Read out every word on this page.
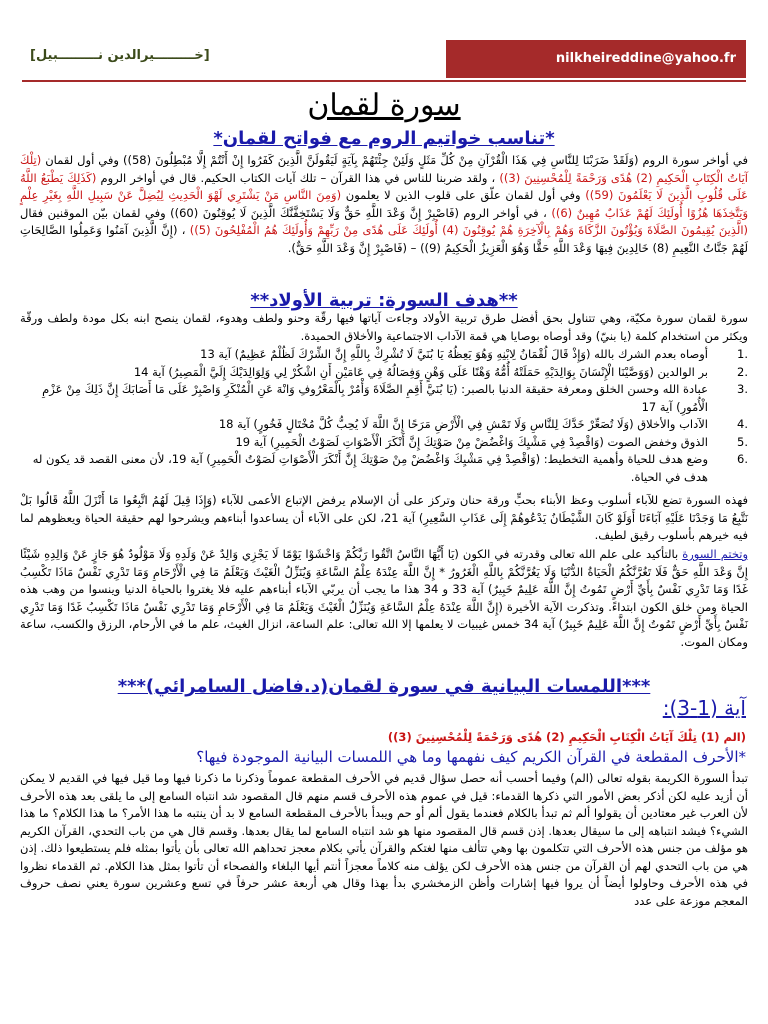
[خـــــــــيرالدين نـــــــــبيل]	nilkheireddine@yahoo.fr
سورة لقمان
*تناسب خواتيم الروم مع فواتح لقمان*
في أواخر سورة الروم (وَلَقَدْ ضَرَبْنَا لِلنَّاسِ فِي هَذَا الْقُرْآنِ مِنْ كُلِّ مَثَلٍ وَلَئِنْ جِئْتَهُمْ بِآيَةٍ لَيَقُولَنَّ الَّذِينَ كَفَرُوا إِنْ أَنْتُمْ إِلَّا مُبْطِلُونَ (58)) وفي أول لقمان (تِلْكَ آيَاتُ الْكِتَابِ الْحَكِيمِ (2) هُدًى وَرَحْمَةً لِلْمُحْسِنِينَ (3)) ، ولقد ضربنا للناس في هذا القرآن – تلك آيات الكتاب الحكيم. قال في أواخر الروم (كَذَلِكَ يَطْبَعُ اللَّهُ عَلَى قُلُوبِ الَّذِينَ لَا يَعْلَمُونَ (59)) وفي أول لقمان علّق على قلوب الذين لا يعلمون (وَمِنَ النَّاسِ مَنْ يَشْتَرِي لَهْوَ الْحَدِيثِ لِيُضِلَّ عَنْ سَبِيلِ اللَّهِ بِغَيْرِ عِلْمٍ وَيَتَّخِذَهَا هُزُوًا أُولَئِكَ لَهُمْ عَذَابٌ مُهِينٌ (6)) ، في أواخر الروم (فَاصْبِرْ إِنَّ وَعْدَ اللَّهِ حَقٌّ وَلَا يَسْتَخِفَّنَّكَ الَّذِينَ لَا يُوقِنُونَ (60)) وفي لقمان بيّن الموقنين فقال (الَّذِينَ يُقِيمُونَ الصَّلَاةَ وَيُؤْتُونَ الزَّكَاةَ وَهُمْ بِالْآخِرَةِ هُمْ يُوقِنُونَ (4) أُولَئِكَ عَلَى هُدًى مِنْ رَبِّهِمْ وَأُولَئِكَ هُمُ الْمُفْلِحُونَ (5)) ، (إِنَّ الَّذِينَ آمَنُوا وَعَمِلُوا الصَّالِحَاتِ لَهُمْ جَنَّاتُ النَّعِيمِ (8) خَالِدِينَ فِيهَا وَعْدَ اللَّهِ حَقًّا وَهُوَ الْعَزِيزُ الْحَكِيمُ (9)) – (فَاصْبِرْ إِنَّ وَعْدَ اللَّهِ حَقٌّ).
**هدف السورة: تربية الأولاد**
سورة لقمان سورة مكيّة، وهي تتناول بحق أفضل طرق تربية الأولاد وجاءت آياتها فيها رقّة وحنو ولطف وهدوء، لقمان ينصح ابنه بكل مودة ولطف ورقّة ويكثر من استخدام كلمة (يا بنيّ) وقد أوصاه بوصايا هي قمة الآداب الاجتماعية والأخلاق الحميدة.
.1
أوصاه بعدم الشرك بالله (وَإِذْ قَالَ لُقْمَانُ لِابْنِهِ وَهُوَ يَعِظُهُ يَا بُنَيَّ لَا تُشْرِكْ بِاللَّهِ إِنَّ الشِّرْكَ لَظُلْمٌ عَظِيمٌ) آية 13
.2
بر الوالدين (وَوَصَّيْنَا الْإِنْسَانَ بِوَالِدَيْهِ حَمَلَتْهُ أُمُّهُ وَهْنًا عَلَى وَهْنٍ وَفِصَالُهُ فِي عَامَيْنِ أَنِ اشْكُرْ لِي وَلِوَالِدَيْكَ إِلَيَّ الْمَصِيرُ) آية 14
.3
عبادة الله وحسن الخلق ومعرفة حقيقة الدنيا بالصبر: (يَا بُنَيَّ أَقِمِ الصَّلَاةَ وَأْمُرْ بِالْمَعْرُوفِ وَانْهَ عَنِ الْمُنْكَرِ وَاصْبِرْ عَلَى مَا أَصَابَكَ إِنَّ ذَلِكَ مِنْ عَزْمِ الْأُمُورِ) آية 17
.4
الآداب والأخلاق (وَلَا تُصَعِّرْ خَدَّكَ لِلنَّاسِ وَلَا تَمْشِ فِي الْأَرْضِ مَرَحًا إِنَّ اللَّهَ لَا يُحِبُّ كُلَّ مُخْتَالٍ فَخُورٍ) آية 18
.5
الذوق وخفض الصوت (وَاقْصِدْ فِي مَشْيِكَ وَاغْضُضْ مِنْ صَوْتِكَ إِنَّ أَنْكَرَ الْأَصْوَاتِ لَصَوْتُ الْحَمِيرِ) آية 19
.6
وضع هدف للحياة وأهمية التخطيط: (وَاقْصِدْ فِي مَشْيِكَ وَاغْضُضْ مِنْ صَوْتِكَ إِنَّ أَنْكَرَ الْأَصْوَاتِ لَصَوْتُ الْحَمِيرِ) آية 19، لأن معنى القصد قد يكون له هدف في الحياة.
فهذه السورة تضع للآباء أسلوب وعظ الأبناء بحبٍّ ورقة حنان وتركز على أن الإسلام يرفض الإتباع الأعمى للآباء (وَإِذَا قِيلَ لَهُمُ اتَّبِعُوا مَا أَنْزَلَ اللَّهُ قَالُوا بَلْ نَتَّبِعُ مَا وَجَدْنَا عَلَيْهِ آبَاءَنَا أَوَلَوْ كَانَ الشَّيْطَانُ يَدْعُوهُمْ إِلَى عَذَابِ السَّعِيرِ) آية 21، لكن على الآباء أن يساعدوا أبناءهم ويشرحوا لهم حقيقة الحياة ويعظوهم لما فيه خيرهم بأسلوب رقيق لطيف.
وتختم السورة بالتأكيد على علم الله تعالى وقدرته في الكون (يَا أَيُّهَا النَّاسُ اتَّقُوا رَبَّكُمْ وَاخْشَوْا يَوْمًا لَا يَجْزِي وَالِدٌ عَنْ وَلَدِهِ وَلَا مَوْلُودٌ هُوَ جَازٍ عَنْ وَالِدِهِ شَيْئًا إِنَّ وَعْدَ اللَّهِ حَقٌّ فَلَا تَغُرَّنَّكُمُ الْحَيَاةُ الدُّنْيَا وَلَا يَغُرَّنَّكُمْ بِاللَّهِ الْغَرُورُ * إِنَّ اللَّهَ عِنْدَهُ عِلْمُ السَّاعَةِ وَيُنَزِّلُ الْغَيْثَ وَيَعْلَمُ مَا فِي الْأَرْحَامِ وَمَا تَدْرِي نَفْسٌ مَاذَا تَكْسِبُ غَدًا وَمَا تَدْرِي نَفْسٌ بِأَيِّ أَرْضٍ تَمُوتُ إِنَّ اللَّهَ عَلِيمٌ خَبِيرٌ) آية 33 و 34 هذا ما يجب أن يربّي الآباء أبناءهم عليه فلا يغتروا بالحياة الدنيا وينسوا من وهب هذه الحياة ومن خلق الكون ابتداءً. وتذكرت الآية الأخيرة (إِنَّ اللَّهَ عِنْدَهُ عِلْمُ السَّاعَةِ وَيُنَزِّلُ الْغَيْثَ وَيَعْلَمُ مَا فِي الْأَرْحَامِ وَمَا تَدْرِي نَفْسٌ مَاذَا تَكْسِبُ غَدًا وَمَا تَدْرِي نَفْسٌ بِأَيِّ أَرْضٍ تَمُوتُ إِنَّ اللَّهَ عَلِيمٌ خَبِيرٌ) آية 34 خمس غيبيات لا يعلمها إلا الله تعالى: علم الساعة، انزال الغيث، علم ما في الأرحام، الرزق والكسب، ساعة ومكان الموت.
***اللمسات البيانية في سورة لقمان(د.فاضل السامرائي)***
آية (1-3):
(الم (1) تِلْكَ آيَاتُ الْكِتَابِ الْحَكِيمِ (2) هُدًى وَرَحْمَةً لِلْمُحْسِنِينَ (3))
*الأحرف المقطعة في القرآن الكريم كيف نفهمها وما هي اللمسات البيانية الموجودة فيها؟
تبدأ السورة الكريمة بقوله تعالى (الم) وفيما أحسب أنه حصل سؤال قديم في الأحرف المقطعة عموماً وذكرنا ما ذكرنا فيها وما قيل فيها في القديم لا يمكن أن أزيد عليه لكن أذكر بعض الأمور التي ذكرها القدماء: قيل في عموم هذه الأحرف قسم منهم قال المقصود شد انتباه السامع إلى ما يلقى بعد هذه الأحرف لأن العرب غير معتادين أن يقولوا ألم ثم تبدأ بالكلام فعندما يقول ألم أو حم ويبدأ بالأحرف المقطعة السامع لا بد أن ينتبه ما هذا الأمر؟ ما هذا الكلام؟ ما هذا الشيء؟ فيشد انتباهه إلى ما سيقال بعدها. إذن قسم قال المقصود منها هو شد انتباه السامع لما يقال بعدها. وقسم قال هي من باب التحدي، القرآن الكريم هو مؤلف من جنس هذه الأحرف التي تتكلمون بها وهي تتألف منها لغتكم والقرآن يأتي بكلام معجز تحداهم الله تعالى بأن يأتوا بمثله فلم يستطيعوا ذلك. إذن هي من باب التحدي لهم أن القرآن من جنس هذه الأحرف لكن يؤلف منه كلاماً معجزاً أنتم أيها البلغاء والفصحاء أن تأتوا بمثل هذا الكلام. ثم القدماء نظروا في هذه الأحرف وحاولوا أيضاً أن يروا فيها إشارات وأظن الزمخشري بدأ بهذا وقال هي أربعة عشر حرفاً في تسع وعشرين سورة يعني نصف حروف المعجم موزعة على عدد
